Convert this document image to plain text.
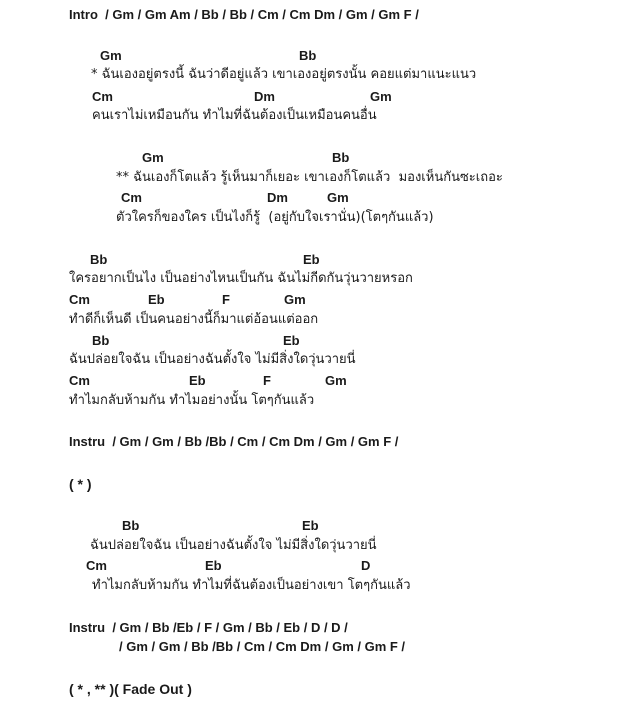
Intro  / Gm / Gm Am / Bb / Bb / Cm / Cm Dm / Gm / Gm F /
Gm	Bb
* ฉันเองอยู่ตรงนี้ ฉันว่าดีอยู่แล้ว เขาเองอยู่ตรงนั้น คอยแต่มาแนะแนว
Cm	Dm	Gm
คนเราไม่เหมือนกัน ทำไมที่ฉันต้องเป็นเหมือนคนอื่น
Gm	Bb
** ฉันเองก็โตแล้ว รู้เห็นมาก็เยอะ เขาเองก็โตแล้ว  มองเห็นกันซะเถอะ
Cm	Dm	Gm
ตัวใครก็ของใคร เป็นไงก็รู้  (อยู่กับใจเรานั่น)(โตๆกันแล้ว)
Bb	Eb
ใครอยากเป็นไง เป็นอย่างไหนเป็นกัน ฉันไม่กีดกันวุ่นวายหรอก
Cm	Eb	F	Gm
ทำดีก็เห็นดี เป็นคนอย่างนี้ก็มาแต่อ้อนแต่ออก
Bb	Eb
ฉันปล่อยใจฉัน เป็นอย่างฉันตั้งใจ ไม่มีสิ่งใดวุ่นวายนี่
Cm	Eb	F	Gm
ทำไมกลับห้ามกัน ทำไมอย่างนั้น โตๆกันแล้ว
Instru  / Gm / Gm / Bb /Bb / Cm / Cm Dm / Gm / Gm F /
( * )
Bb	Eb
ฉันปล่อยใจฉัน เป็นอย่างฉันตั้งใจ ไม่มีสิ่งใดวุ่นวายนี่
Cm	Eb	D
ทำไมกลับห้ามกัน ทำไมที่ฉันต้องเป็นอย่างเขา โตๆกันแล้ว
Instru  / Gm / Bb /Eb / F / Gm / Bb / Eb / D / D /
/ Gm / Gm / Bb /Bb / Cm / Cm Dm / Gm / Gm F /
( * , ** )( Fade Out )
